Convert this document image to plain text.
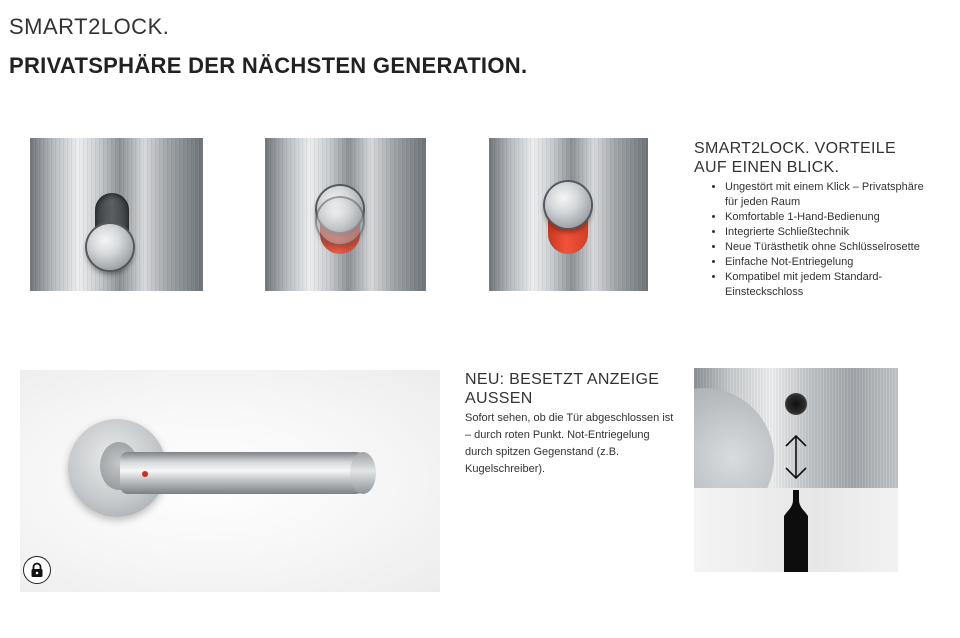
SMART2LOCK.
PRIVATSPHÄRE DER NÄCHSTEN GENERATION.
SMART2LOCK. VORTEILE
AUF EINEN BLICK.
• Ungestört mit einem Klick – Privatsphäre für jeden Raum
• Komfortable 1-Hand-Bedienung
• Integrierte Schließtechnik
• Neue Türästhetik ohne Schlüsselrosette
• Einfache Not-Entriegelung
• Kompatibel mit jedem Standard-Einsteckschloss
NEU: BESETZT ANZEIGE AUSSEN

Sofort sehen, ob die Tür abgeschlossen ist – durch roten Punkt. Not-Entriegelung durch spitzen Gegenstand (z.B. Kugelschreiber).
